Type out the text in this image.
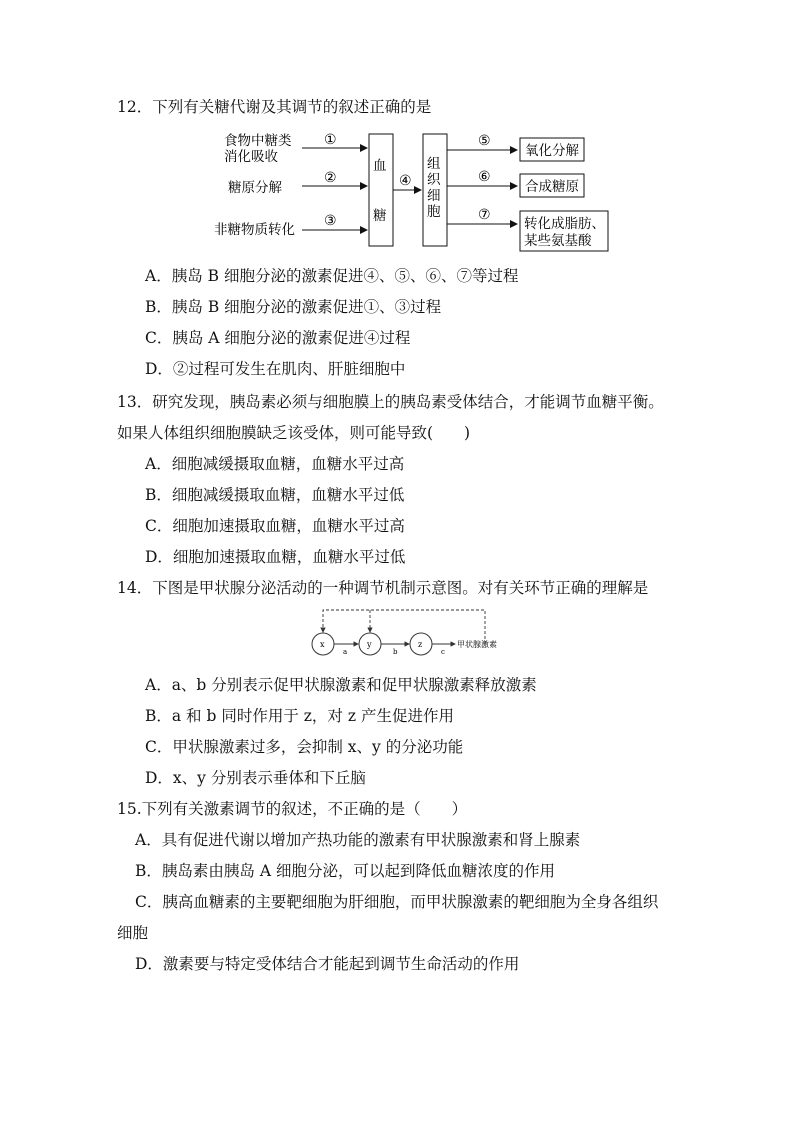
12．下列有关糖代谢及其调节的叙述正确的是
食物中糖类
消化吸收
糖原分解
非糖物质转化
①
②
③
血
糖
④
组
织
细
胞
⑤
⑥
⑦
氧化分解
合成糖原
转化成脂肪、
某些氨基酸
A．胰岛 B 细胞分泌的激素促进④、⑤、⑥、⑦等过程
B．胰岛 B 细胞分泌的激素促进①、③过程
C．胰岛 A 细胞分泌的激素促进④过程
D．②过程可发生在肌肉、肝脏细胞中
13．研究发现，胰岛素必须与细胞膜上的胰岛素受体结合，才能调节血糖平衡。
如果人体组织细胞膜缺乏该受体，则可能导致(　　)
A．细胞减缓摄取血糖，血糖水平过高
B．细胞减缓摄取血糖，血糖水平过低
C．细胞加速摄取血糖，血糖水平过高
D．细胞加速摄取血糖，血糖水平过低
14．下图是甲状腺分泌活动的一种调节机制示意图。对有关环节正确的理解是
x	y	z
a	b	c
甲状腺激素
A．a、b 分别表示促甲状腺激素和促甲状腺激素释放激素
B．a 和 b 同时作用于 z，对 z 产生促进作用
C．甲状腺激素过多，会抑制 x、y 的分泌功能
D．x、y 分别表示垂体和下丘脑
15.下列有关激素调节的叙述，不正确的是（　　）
A．具有促进代谢以增加产热功能的激素有甲状腺激素和肾上腺素
B．胰岛素由胰岛 A 细胞分泌，可以起到降低血糖浓度的作用
C．胰高血糖素的主要靶细胞为肝细胞，而甲状腺激素的靶细胞为全身各组织
细胞
D．激素要与特定受体结合才能起到调节生命活动的作用
